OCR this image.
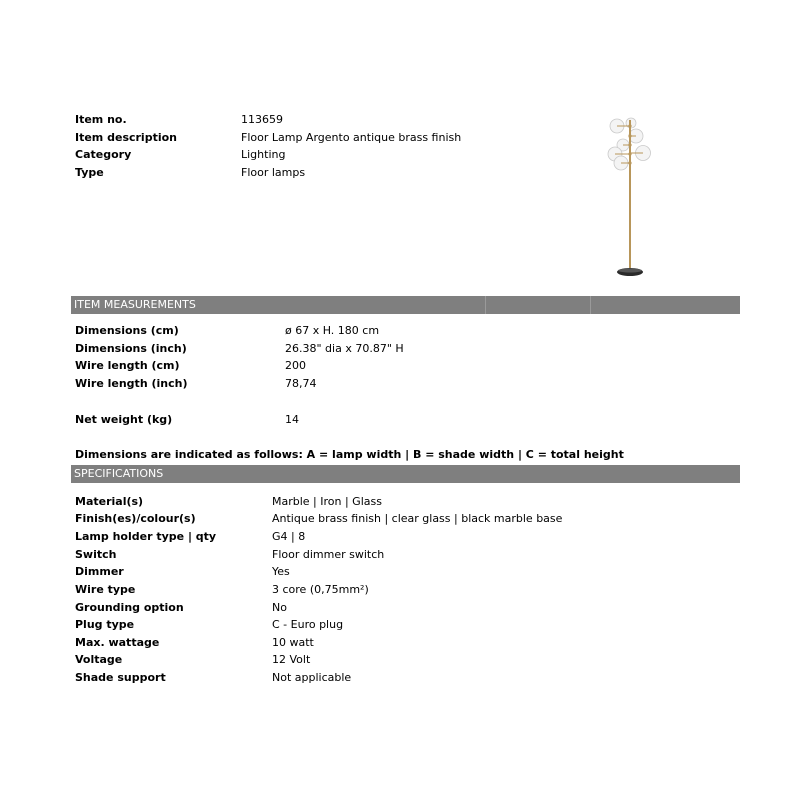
Item no.	113659
Item description	Floor Lamp Argento antique brass finish
Category	Lighting
Type	Floor lamps
ITEM MEASUREMENTS
Dimensions (cm)	ø 67 x H. 180 cm
Dimensions (inch)	26.38" dia x 70.87" H
Wire length (cm)	200
Wire length (inch)	78,74
Net weight (kg)	14
Dimensions are indicated as follows: A = lamp width | B = shade width | C = total height
SPECIFICATIONS
Material(s)	Marble | Iron | Glass
Finish(es)/colour(s)	Antique brass finish | clear glass | black marble base
Lamp holder type | qty	G4 | 8
Switch	Floor dimmer switch
Dimmer	Yes
Wire type	3 core (0,75mm²)
Grounding option	No
Plug type	C - Euro plug
Max. wattage	10 watt
Voltage	12 Volt
Shade support	Not applicable
